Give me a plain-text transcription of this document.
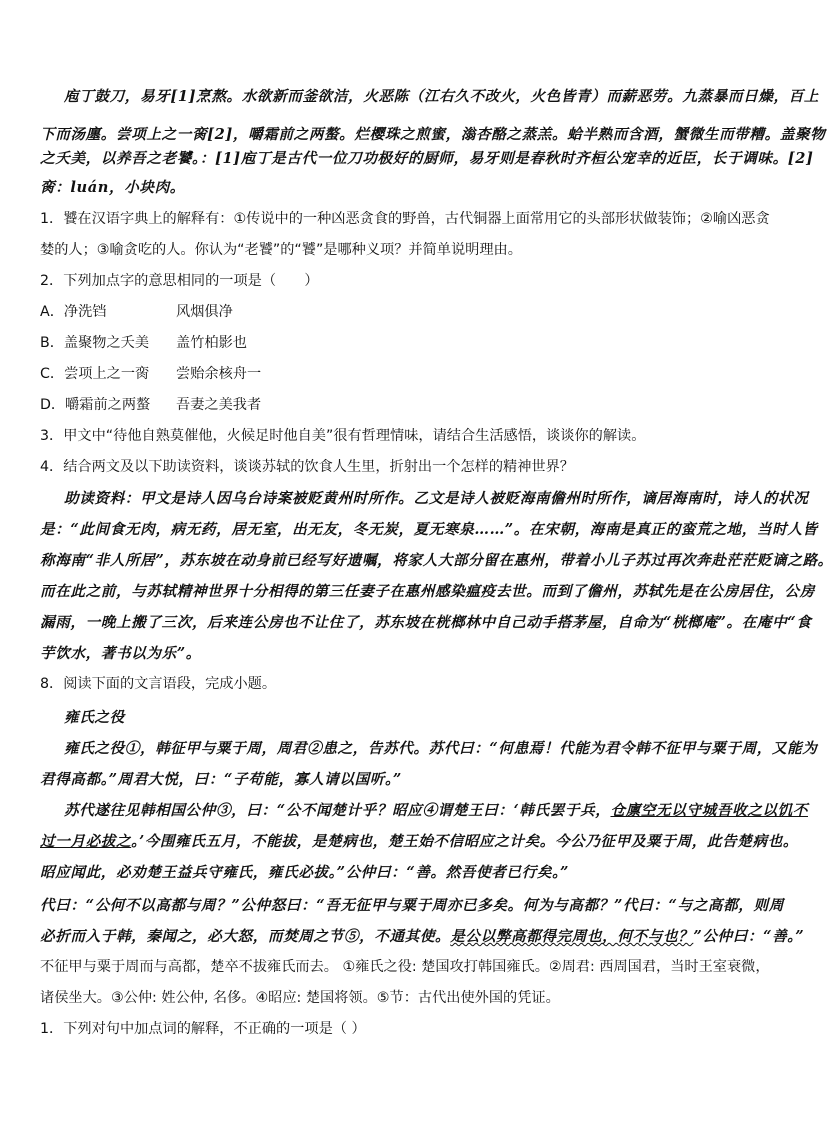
庖丁鼓刀，易牙[1]烹熬。水欲新而釜欲洁，火恶陈（江右久不改火，火色皆青）而薪恶劳。九蒸暴而日燥，百上
下而汤廛。尝项上之一脔[2]，嚼霜前之两螯。烂樱珠之煎蜜，滃杏酪之蒸羔。蛤半熟而含酒，蟹微生而带糟。盖聚物
之夭美，以养吾之老饕。：[1]庖丁是古代一位刀功极好的厨师，易牙则是春秋时齐桓公宠幸的近臣，长于调味。[2]
脔：luán，小块肉。
1．饕在汉语字典上的解释有：①传说中的一种凶恶贪食的野兽，古代铜器上面常用它的头部形状做装饰；②喻凶恶贪
婪的人；③喻贪吃的人。你认为“老饕”的“饕”是哪种义项？并简单说明理由。
2．下列加点字的意思相同的一项是（　　）
A．净洗铛	风烟俱净
B．盖聚物之夭美 盖竹柏影也
C．尝项上之一脔 尝贻余核舟一
D．嚼霜前之两螯 吾妻之美我者
3．甲文中“待他自熟莫催他，火候足时他自美”很有哲理情味，请结合生活感悟，谈谈你的解读。
4．结合两文及以下助读资料，谈谈苏轼的饮食人生里，折射出一个怎样的精神世界？
助读资料：甲文是诗人因乌台诗案被贬黄州时所作。乙文是诗人被贬海南儋州时所作，谪居海南时，诗人的状况
是：“此间食无肉，病无药，居无室，出无友，冬无炭，夏无寒泉……”。在宋朝，海南是真正的蛮荒之地，当时人皆
称海南“非人所居”，苏东坡在动身前已经写好遗嘱，将家人大部分留在惠州，带着小儿子苏过再次奔赴茫茫贬谪之路。
而在此之前，与苏轼精神世界十分相得的第三任妻子在惠州感染瘟疫去世。而到了儋州，苏轼先是在公房居住，公房
漏雨，一晚上搬了三次，后来连公房也不让住了，苏东坡在桄榔林中自己动手搭茅屋，自命为“桄榔庵”。在庵中“食
芋饮水，著书以为乐”。
8．阅读下面的文言语段，完成小题。
雍氏之役
雍氏之役①，韩征甲与粟于周，周君②患之，告苏代。苏代曰：“何患焉！代能为君令韩不征甲与粟于周，又能为
君得高都。”周君大悦，曰：“子苟能，寡人请以国听。”
苏代遂往见韩相国公仲③，曰：“公不闻楚计乎？昭应④谓楚王曰：‘韩氏罢于兵，仓廪空无以守城吾收之以饥不
过一月必拔之。’今围雍氏五月，不能拔，是楚病也，楚王始不信昭应之计矣。今公乃征甲及粟于周，此告楚病也。
昭应闻此，必劝楚王益兵守雍氏，雍氏必拔。”公仲曰：“善。然吾使者已行矣。”
代曰：“公何不以高都与周？”公仲怒曰：“吾无征甲与粟于周亦已多矣。何为与高都？”代曰：“与之高都，则周
必折而入于韩，秦闻之，必大怒，而焚周之节⑤，不通其使。是公以弊高都得完周也，何不与也？”公仲曰：“善。”
不征甲与粟于周而与高都，楚卒不拔雍氏而去。 ①雍氏之役: 楚国攻打韩国雍氏。②周君: 西周国君，当时王室衰微，
诸侯坐大。③公仲: 姓公仲, 名侈。④昭应: 楚国将领。⑤节：古代出使外国的凭证。
1．下列对句中加点词的解释，不正确的一项是（ ）
